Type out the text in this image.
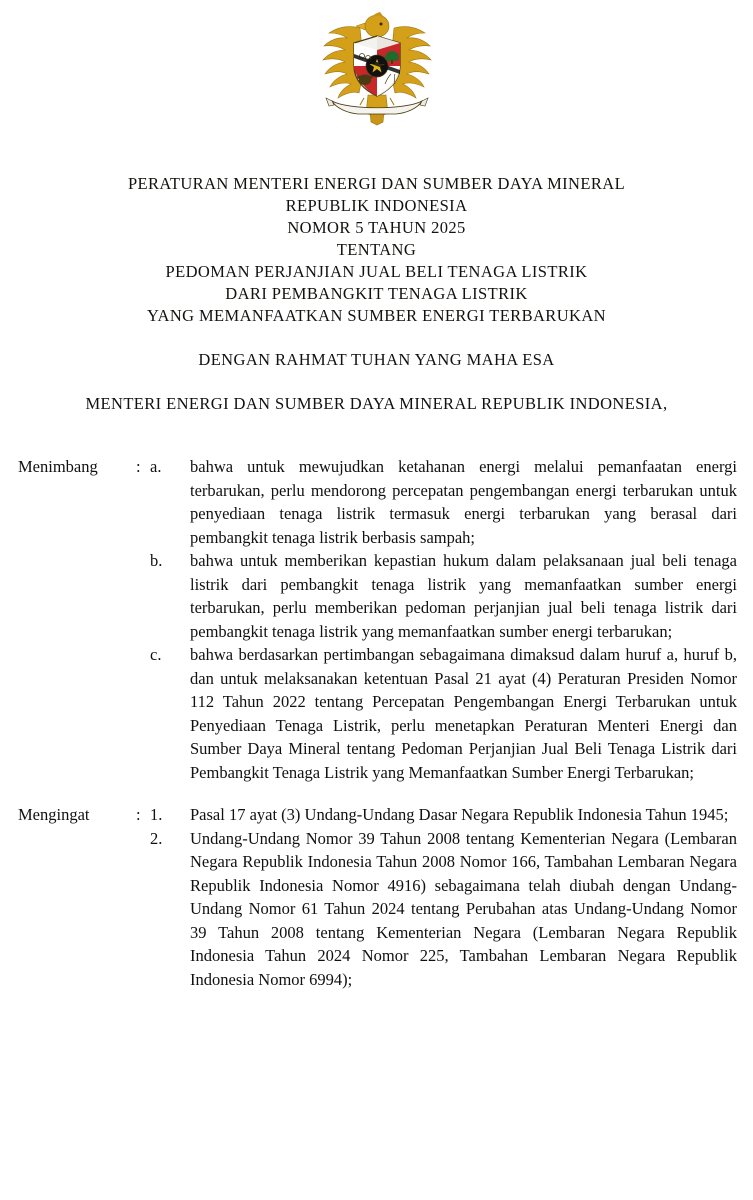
PERATURAN MENTERI ENERGI DAN SUMBER DAYA MINERAL
REPUBLIK INDONESIA
NOMOR 5 TAHUN 2025
TENTANG
PEDOMAN PERJANJIAN JUAL BELI TENAGA LISTRIK
DARI PEMBANGKIT TENAGA LISTRIK
YANG MEMANFAATKAN SUMBER ENERGI TERBARUKAN
DENGAN RAHMAT TUHAN YANG MAHA ESA
MENTERI ENERGI DAN SUMBER DAYA MINERAL REPUBLIK INDONESIA,
Menimbang	: a.	bahwa untuk mewujudkan ketahanan energi melalui pemanfaatan energi terbarukan, perlu mendorong percepatan pengembangan energi terbarukan untuk penyediaan tenaga listrik termasuk energi terbarukan yang berasal dari pembangkit tenaga listrik berbasis sampah;
b.	bahwa untuk memberikan kepastian hukum dalam pelaksanaan jual beli tenaga listrik dari pembangkit tenaga listrik yang memanfaatkan sumber energi terbarukan, perlu memberikan pedoman perjanjian jual beli tenaga listrik dari pembangkit tenaga listrik yang memanfaatkan sumber energi terbarukan;
c.	bahwa berdasarkan pertimbangan sebagaimana dimaksud dalam huruf a, huruf b, dan untuk melaksanakan ketentuan Pasal 21 ayat (4) Peraturan Presiden Nomor 112 Tahun 2022 tentang Percepatan Pengembangan Energi Terbarukan untuk Penyediaan Tenaga Listrik, perlu menetapkan Peraturan Menteri Energi dan Sumber Daya Mineral tentang Pedoman Perjanjian Jual Beli Tenaga Listrik dari Pembangkit Tenaga Listrik yang Memanfaatkan Sumber Energi Terbarukan;
Mengingat	: 1.	Pasal 17 ayat (3) Undang-Undang Dasar Negara Republik Indonesia Tahun 1945;
2.	Undang-Undang Nomor 39 Tahun 2008 tentang Kementerian Negara (Lembaran Negara Republik Indonesia Tahun 2008 Nomor 166, Tambahan Lembaran Negara Republik Indonesia Nomor 4916) sebagaimana telah diubah dengan Undang-Undang Nomor 61 Tahun 2024 tentang Perubahan atas Undang-Undang Nomor 39 Tahun 2008 tentang Kementerian Negara (Lembaran Negara Republik Indonesia Tahun 2024 Nomor 225, Tambahan Lembaran Negara Republik Indonesia Nomor 6994);
